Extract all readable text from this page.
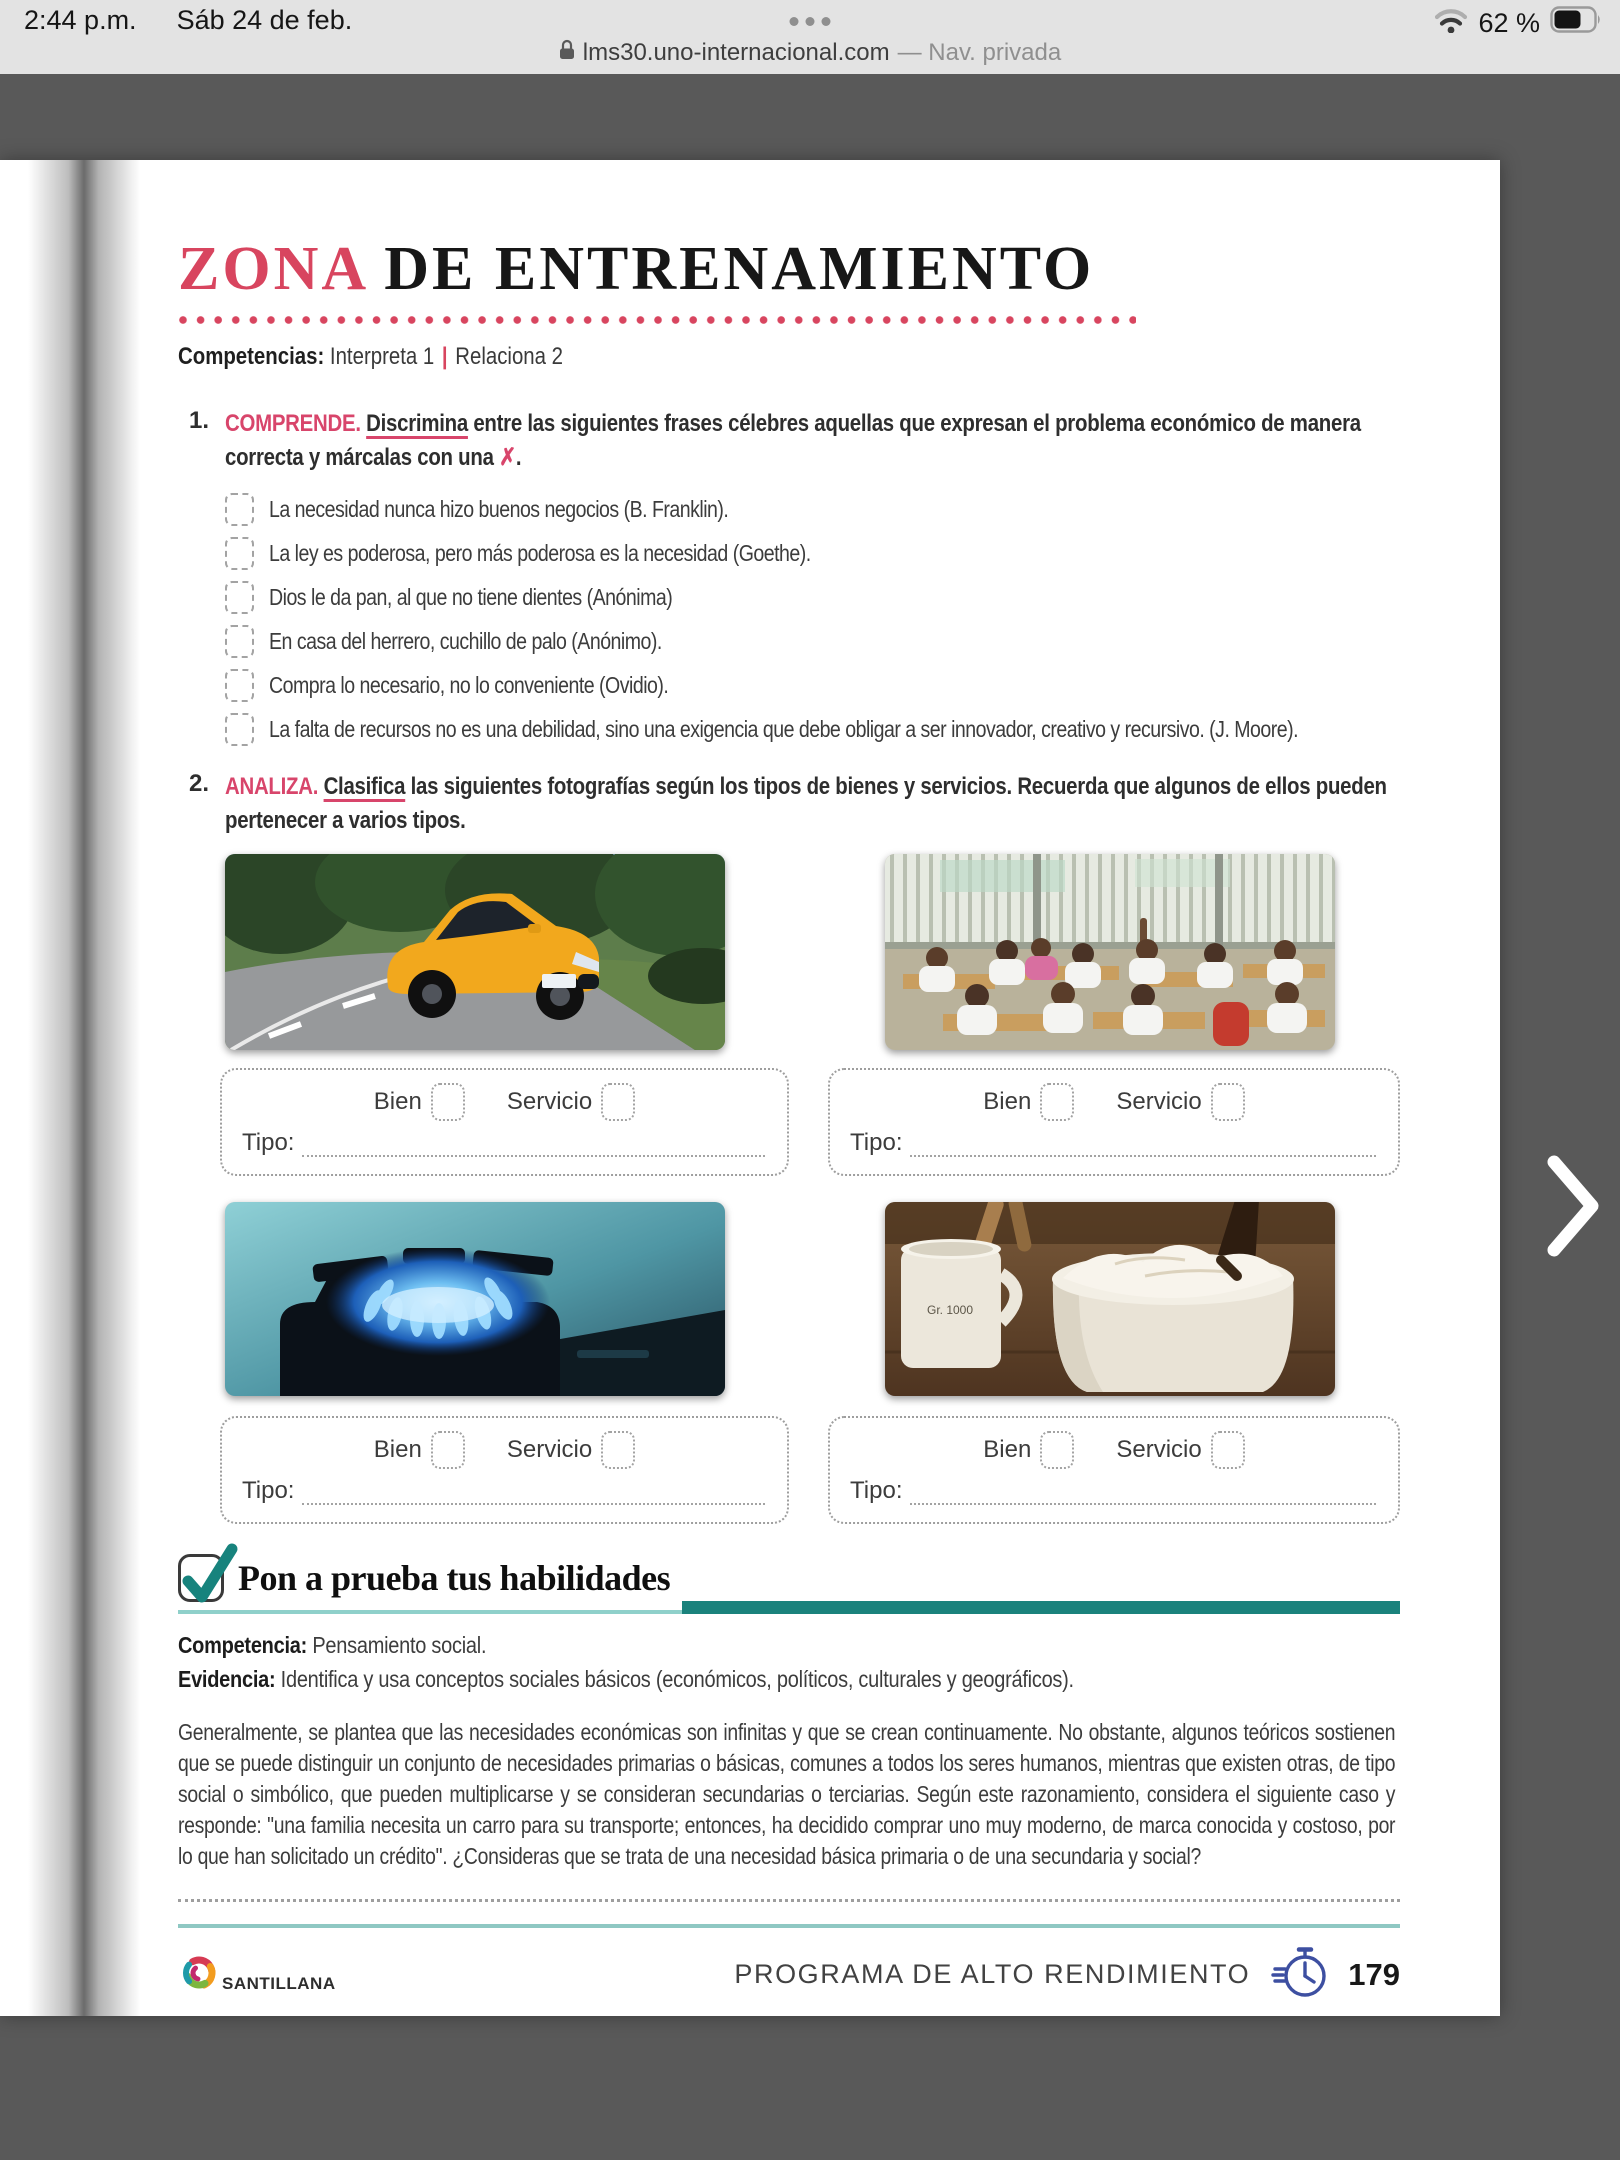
2:44 p.m. Sáb 24 de feb.	62 %
lms30.uno-internacional.com — Nav. privada
ZONA DE ENTRENAMIENTO
Competencias: Interpreta 1 | Relaciona 2
1. COMPRENDE. Discrimina entre las siguientes frases célebres aquellas que expresan el problema económico de manera correcta y márcalas con una ✗.
La necesidad nunca hizo buenos negocios (B. Franklin).
La ley es poderosa, pero más poderosa es la necesidad (Goethe).
Dios le da pan, al que no tiene dientes (Anónima)
En casa del herrero, cuchillo de palo (Anónimo).
Compra lo necesario, no lo conveniente (Ovidio).
La falta de recursos no es una debilidad, sino una exigencia que debe obligar a ser innovador, creativo y recursivo. (J. Moore).
2. ANALIZA. Clasifica las siguientes fotografías según los tipos de bienes y servicios. Recuerda que algunos de ellos pueden pertenecer a varios tipos.
Bien	Servicio
Tipo:
Bien	Servicio
Tipo:
Gr. 1000
Bien	Servicio
Tipo:
Bien	Servicio
Tipo:
Pon a prueba tus habilidades
Competencia: Pensamiento social.
Evidencia: Identifica y usa conceptos sociales básicos (económicos, políticos, culturales y geográficos).
Generalmente, se plantea que las necesidades económicas son infinitas y que se crean continuamente. No obstante, algunos teóricos sostienen que se puede distinguir un conjunto de necesidades primarias o básicas, comunes a todos los seres humanos, mientras que existen otras, de tipo social o simbólico, que pueden multiplicarse y se consideran secundarias o terciarias. Según este razonamiento, considera el siguiente caso y responde: "una familia necesita un carro para su transporte; entonces, ha decidido comprar uno muy moderno, de marca conocida y costoso, por lo que han solicitado un crédito". ¿Consideras que se trata de una necesidad básica primaria o de una secundaria y social?
SANTILLANA	PROGRAMA DE ALTO RENDIMIENTO	179
